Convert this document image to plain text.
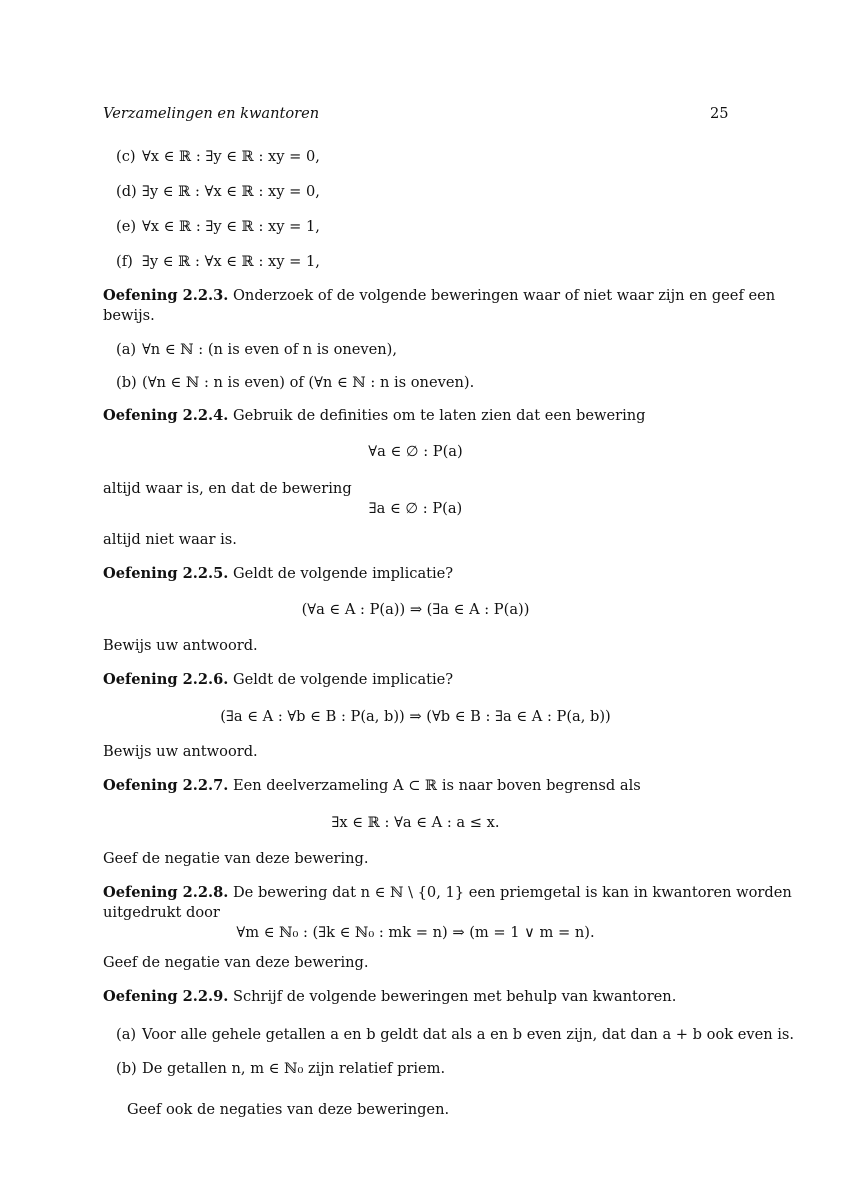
Verzamelingen en kwantoren	25
(c) ∀x ∈ ℝ : ∃y ∈ ℝ : xy = 0,
(d) ∃y ∈ ℝ : ∀x ∈ ℝ : xy = 0,
(e) ∀x ∈ ℝ : ∃y ∈ ℝ : xy = 1,
(f) ∃y ∈ ℝ : ∀x ∈ ℝ : xy = 1,
Oefening 2.2.3. Onderzoek of de volgende beweringen waar of niet waar zijn en geef een
bewijs.
(a) ∀n ∈ ℕ : (n is even of n is oneven),
(b) (∀n ∈ ℕ : n is even) of (∀n ∈ ℕ : n is oneven).
Oefening 2.2.4. Gebruik de definities om te laten zien dat een bewering
∀a ∈ ∅ : P(a)
altijd waar is, en dat de bewering
∃a ∈ ∅ : P(a)
altijd niet waar is.
Oefening 2.2.5. Geldt de volgende implicatie?
(∀a ∈ A : P(a)) ⇒ (∃a ∈ A : P(a))
Bewijs uw antwoord.
Oefening 2.2.6. Geldt de volgende implicatie?
(∃a ∈ A : ∀b ∈ B : P(a, b)) ⇒ (∀b ∈ B : ∃a ∈ A : P(a, b))
Bewijs uw antwoord.
Oefening 2.2.7. Een deelverzameling A ⊂ ℝ is naar boven begrensd als
∃x ∈ ℝ : ∀a ∈ A : a ≤ x.
Geef de negatie van deze bewering.
Oefening 2.2.8. De bewering dat n ∈ ℕ \ {0, 1} een priemgetal is kan in kwantoren worden
uitgedrukt door
∀m ∈ ℕ₀ : (∃k ∈ ℕ₀ : mk = n) ⇒ (m = 1 ∨ m = n).
Geef de negatie van deze bewering.
Oefening 2.2.9. Schrijf de volgende beweringen met behulp van kwantoren.
(a) Voor alle gehele getallen a en b geldt dat als a en b even zijn, dat dan a + b ook even is.
(b) De getallen n, m ∈ ℕ₀ zijn relatief priem.
Geef ook de negaties van deze beweringen.
